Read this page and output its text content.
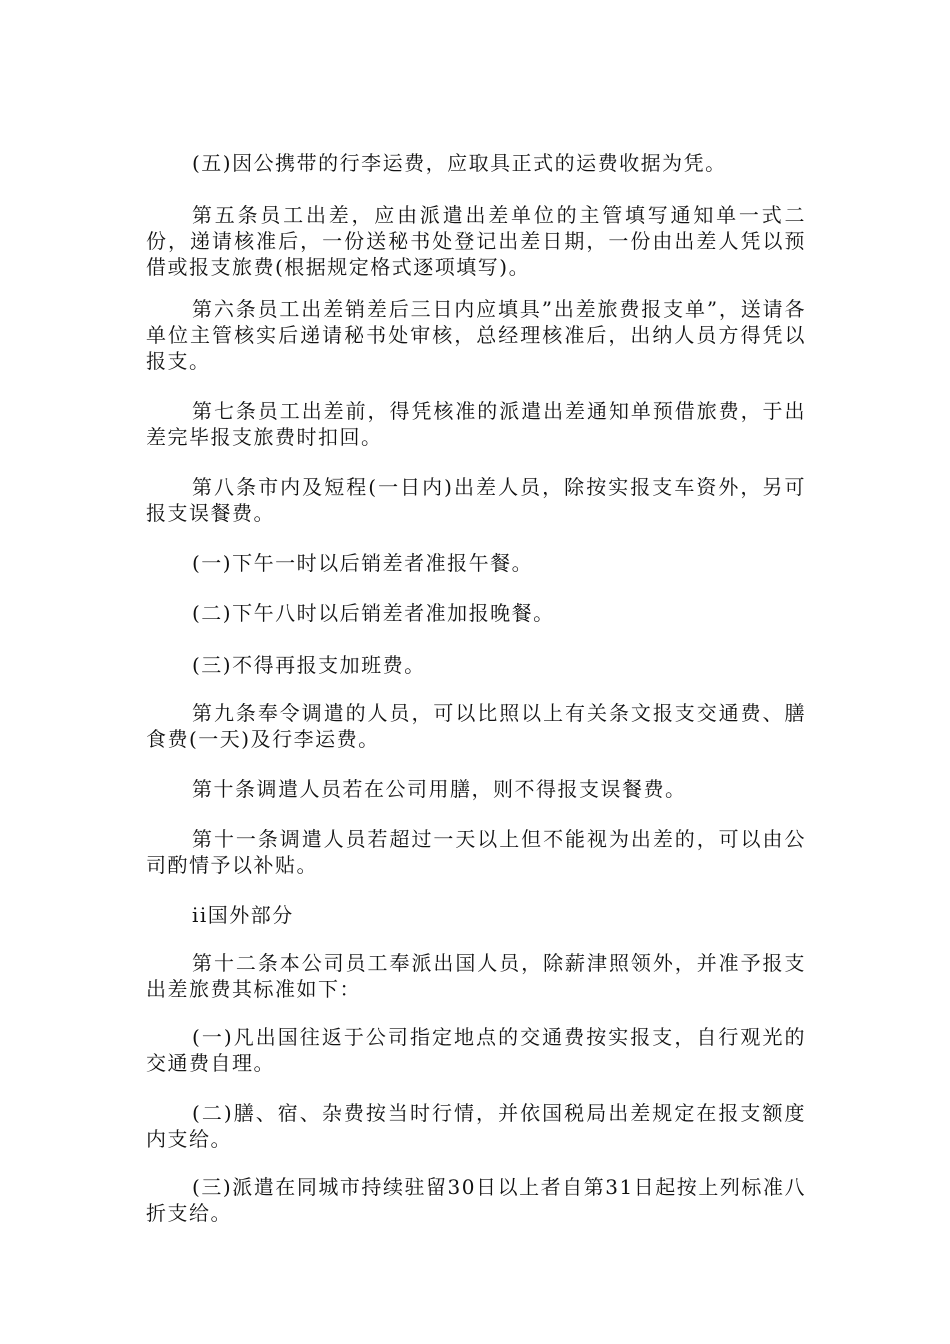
(五)因公携带的行李运费，应取具正式的运费收据为凭。

第五条员工出差，应由派遣出差单位的主管填写通知单一式二份，递请核准后，一份送秘书处登记出差日期，一份由出差人凭以预借或报支旅费(根据规定格式逐项填写)。

第六条员工出差销差后三日内应填具”出差旅费报支单”，送请各单位主管核实后递请秘书处审核，总经理核准后，出纳人员方得凭以报支。

第七条员工出差前，得凭核准的派遣出差通知单预借旅费，于出差完毕报支旅费时扣回。

第八条市内及短程(一日内)出差人员，除按实报支车资外，另可报支误餐费。

(一)下午一时以后销差者准报午餐。

(二)下午八时以后销差者准加报晚餐。

(三)不得再报支加班费。

第九条奉令调遣的人员，可以比照以上有关条文报支交通费、膳食费(一天)及行李运费。

第十条调遣人员若在公司用膳，则不得报支误餐费。

第十一条调遣人员若超过一天以上但不能视为出差的，可以由公司酌情予以补贴。

ii国外部分

第十二条本公司员工奉派出国人员，除薪津照领外，并准予报支出差旅费其标准如下：

(一)凡出国往返于公司指定地点的交通费按实报支，自行观光的交通费自理。

(二)膳、宿、杂费按当时行情，并依国税局出差规定在报支额度内支给。

(三)派遣在同城市持续驻留30日以上者自第31日起按上列标准八折支给。
